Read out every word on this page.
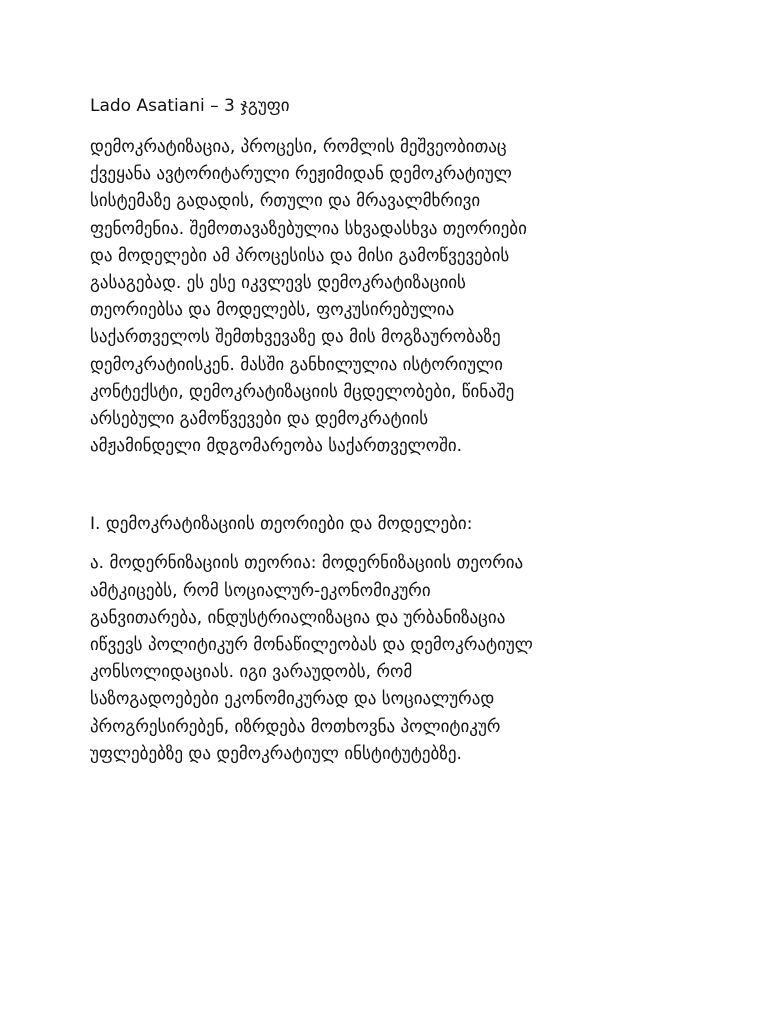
Lado Asatiani – 3 ჯგუფი

დემოკრატიზაცია, პროცესი, რომლის მეშვეობითაც
ქვეყანა ავტორიტარული რეჟიმიდან დემოკრატიულ
სისტემაზე გადადის, რთული და მრავალმხრივი
ფენომენია. შემოთავაზებულია სხვადასხვა თეორიები
და მოდელები ამ პროცესისა და მისი გამოწვევების
გასაგებად. ეს ესე იკვლევს დემოკრატიზაციის
თეორიებსა და მოდელებს, ფოკუსირებულია
საქართველოს შემთხვევაზე და მის მოგზაურობაზე
დემოკრატიისკენ. მასში განხილულია ისტორიული
კონტექსტი, დემოკრატიზაციის მცდელობები, წინაშე
არსებული გამოწვევები და დემოკრატიის
ამჟამინდელი მდგომარეობა საქართველოში.

I. დემოკრატიზაციის თეორიები და მოდელები:

ა. მოდერნიზაციის თეორია: მოდერნიზაციის თეორია
ამტკიცებს, რომ სოციალურ-ეკონომიკური
განვითარება, ინდუსტრიალიზაცია და ურბანიზაცია
იწვევს პოლიტიკურ მონაწილეობას და დემოკრატიულ
კონსოლიდაციას. იგი ვარაუდობს, რომ
საზოგადოებები ეკონომიკურად და სოციალურად
პროგრესირებენ, იზრდება მოთხოვნა პოლიტიკურ
უფლებებზე და დემოკრატიულ ინსტიტუტებზე.
